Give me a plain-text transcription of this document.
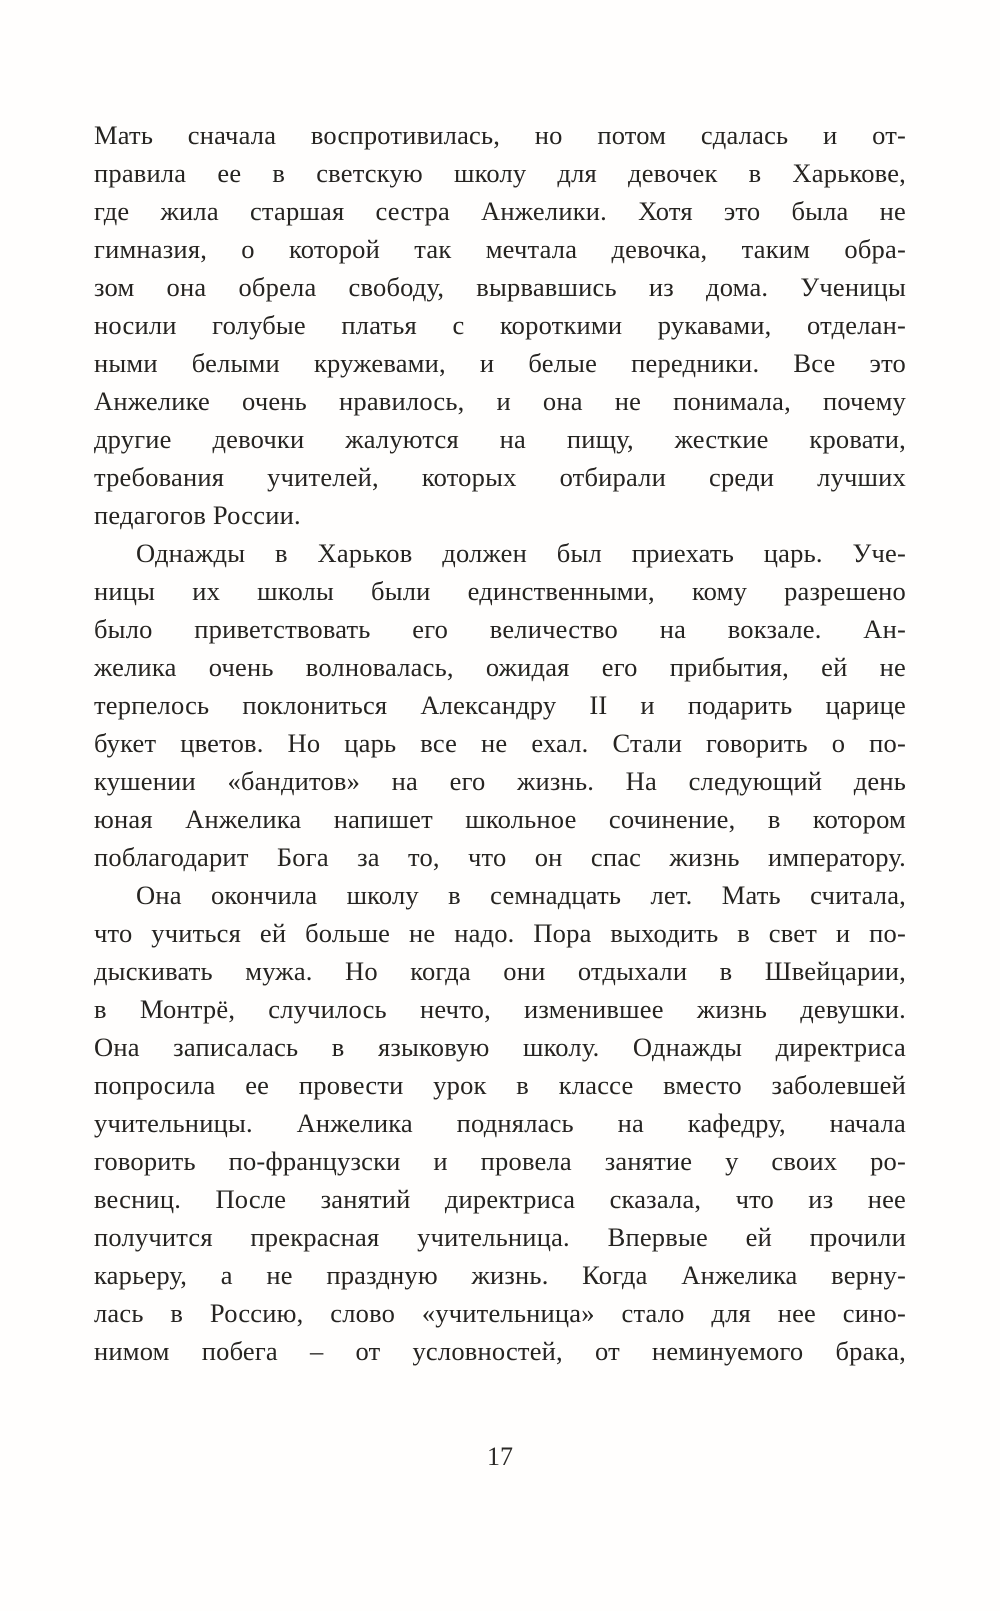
Мать сначала воспротивилась, но потом сдалась и от-
правила ее в светскую школу для девочек в Харькове,
где жила старшая сестра Анжелики. Хотя это была не
гимназия, о которой так мечтала девочка, таким обра-
зом она обрела свободу, вырвавшись из дома. Ученицы
носили голубые платья с короткими рукавами, отделан-
ными белыми кружевами, и белые передники. Все это
Анжелике очень нравилось, и она не понимала, почему
другие девочки жалуются на пищу, жесткие кровати,
требования учителей, которых отбирали среди лучших
педагогов России.
Однажды в Харьков должен был приехать царь. Уче-
ницы их школы были единственными, кому разрешено
было приветствовать его величество на вокзале. Ан-
желика очень волновалась, ожидая его прибытия, ей не
терпелось поклониться Александру II и подарить царице
букет цветов. Но царь все не ехал. Стали говорить о по-
кушении «бандитов» на его жизнь. На следующий день
юная Анжелика напишет школьное сочинение, в котором
поблагодарит Бога за то, что он спас жизнь императору.
Она окончила школу в семнадцать лет. Мать считала,
что учиться ей больше не надо. Пора выходить в свет и по-
дыскивать мужа. Но когда они отдыхали в Швейцарии,
в Монтрё, случилось нечто, изменившее жизнь девушки.
Она записалась в языковую школу. Однажды директриса
попросила ее провести урок в классе вместо заболевшей
учительницы. Анжелика поднялась на кафедру, начала
говорить по-французски и провела занятие у своих ро-
весниц. После занятий директриса сказала, что из нее
получится прекрасная учительница. Впервые ей прочили
карьеру, а не праздную жизнь. Когда Анжелика верну-
лась в Россию, слово «учительница» стало для нее сино-
нимом побега – от условностей, от неминуемого брака,
17
